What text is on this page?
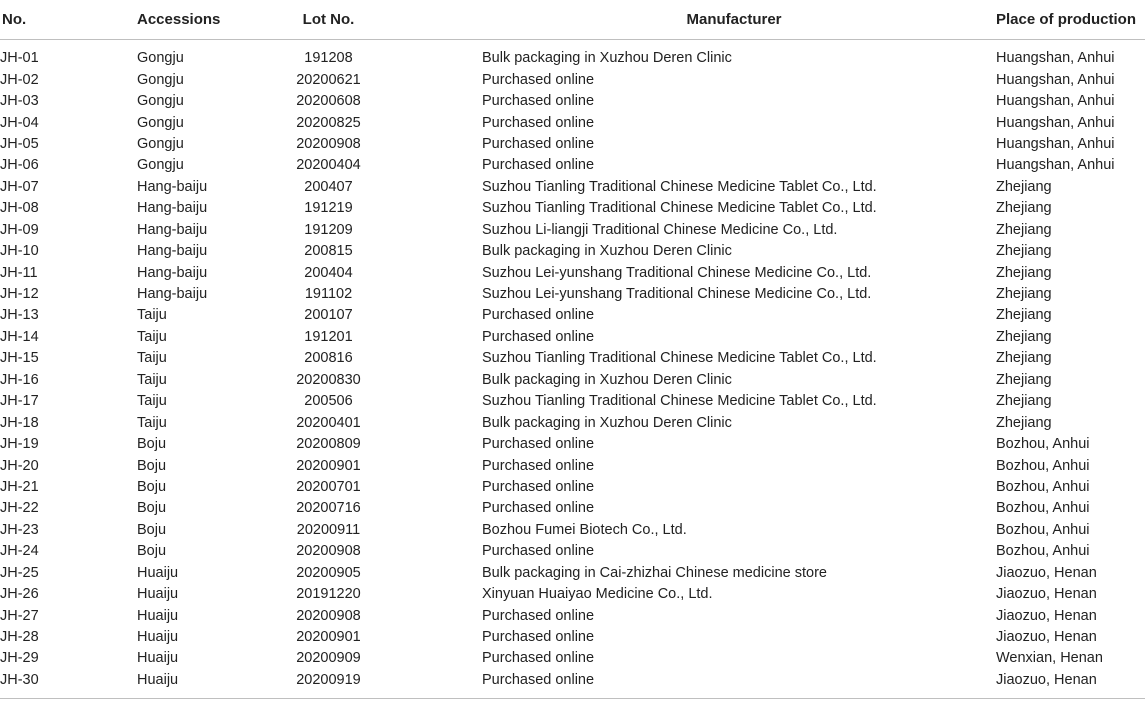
No.	Accessions	Lot No.	Manufacturer	Place of production
JH-01	Gongju	191208	Bulk packaging in Xuzhou Deren Clinic	Huangshan, Anhui
JH-02	Gongju	20200621	Purchased online	Huangshan, Anhui
JH-03	Gongju	20200608	Purchased online	Huangshan, Anhui
JH-04	Gongju	20200825	Purchased online	Huangshan, Anhui
JH-05	Gongju	20200908	Purchased online	Huangshan, Anhui
JH-06	Gongju	20200404	Purchased online	Huangshan, Anhui
JH-07	Hang-baiju	200407	Suzhou Tianling Traditional Chinese Medicine Tablet Co., Ltd.	Zhejiang
JH-08	Hang-baiju	191219	Suzhou Tianling Traditional Chinese Medicine Tablet Co., Ltd.	Zhejiang
JH-09	Hang-baiju	191209	Suzhou Li-liangji Traditional Chinese Medicine Co., Ltd.	Zhejiang
JH-10	Hang-baiju	200815	Bulk packaging in Xuzhou Deren Clinic	Zhejiang
JH-11	Hang-baiju	200404	Suzhou Lei-yunshang Traditional Chinese Medicine Co., Ltd.	Zhejiang
JH-12	Hang-baiju	191102	Suzhou Lei-yunshang Traditional Chinese Medicine Co., Ltd.	Zhejiang
JH-13	Taiju	200107	Purchased online	Zhejiang
JH-14	Taiju	191201	Purchased online	Zhejiang
JH-15	Taiju	200816	Suzhou Tianling Traditional Chinese Medicine Tablet Co., Ltd.	Zhejiang
JH-16	Taiju	20200830	Bulk packaging in Xuzhou Deren Clinic	Zhejiang
JH-17	Taiju	200506	Suzhou Tianling Traditional Chinese Medicine Tablet Co., Ltd.	Zhejiang
JH-18	Taiju	20200401	Bulk packaging in Xuzhou Deren Clinic	Zhejiang
JH-19	Boju	20200809	Purchased online	Bozhou, Anhui
JH-20	Boju	20200901	Purchased online	Bozhou, Anhui
JH-21	Boju	20200701	Purchased online	Bozhou, Anhui
JH-22	Boju	20200716	Purchased online	Bozhou, Anhui
JH-23	Boju	20200911	Bozhou Fumei Biotech Co., Ltd.	Bozhou, Anhui
JH-24	Boju	20200908	Purchased online	Bozhou, Anhui
JH-25	Huaiju	20200905	Bulk packaging in Cai-zhizhai Chinese medicine store	Jiaozuo, Henan
JH-26	Huaiju	20191220	Xinyuan Huaiyao Medicine Co., Ltd.	Jiaozuo, Henan
JH-27	Huaiju	20200908	Purchased online	Jiaozuo, Henan
JH-28	Huaiju	20200901	Purchased online	Jiaozuo, Henan
JH-29	Huaiju	20200909	Purchased online	Wenxian, Henan
JH-30	Huaiju	20200919	Purchased online	Jiaozuo, Henan
